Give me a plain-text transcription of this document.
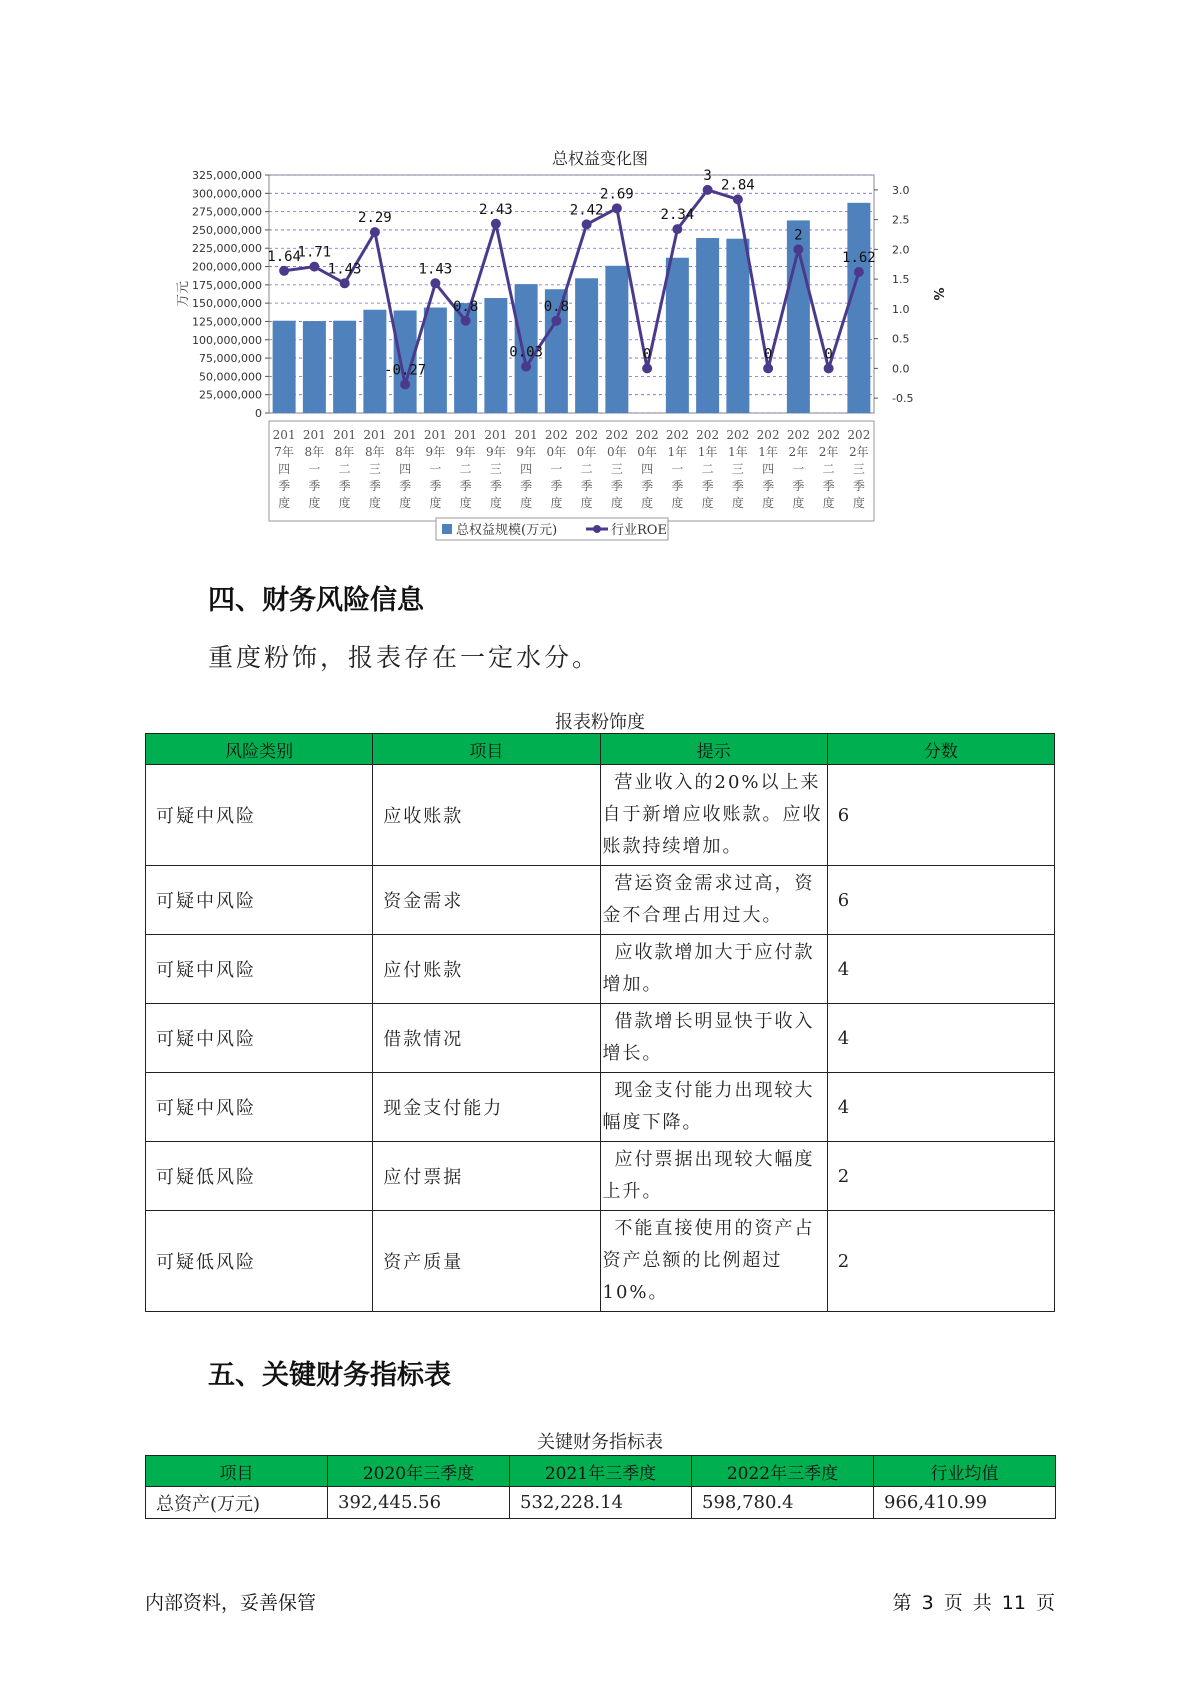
总权益变化图
325,000,000
300,000,000
275,000,000
250,000,000
225,000,000
200,000,000
175,000,000
150,000,000
125,000,000
100,000,000
75,000,000
50,000,000
25,000,000
0
3.0
2.5
2.0
1.5
1.0
0.5
0.0
-0.5
万元	%
1.64
1.71
1.43
2.29
-0.27
1.43
0.8
2.43
0.03
0.8
2.42
2.69
0
2.34
3
2.84
0
2
0
1.62
201
7年
四
季
度
201
8年
一
季
度
201
8年
二
季
度
201
8年
三
季
度
201
8年
四
季
度
201
9年
一
季
度
201
9年
二
季
度
201
9年
三
季
度
201
9年
四
季
度
202
0年
一
季
度
202
0年
二
季
度
202
0年
三
季
度
202
0年
四
季
度
202
1年
一
季
度
202
1年
二
季
度
202
1年
三
季
度
202
1年
四
季
度
202
2年
一
季
度
202
2年
二
季
度
202
2年
三
季
度
总权益规模(万元)	行业ROE
四、财务风险信息
重度粉饰，报表存在一定水分。
报表粉饰度
风险类别	项目	提示	分数
可疑中风险	应收账款	营业收入的20%以上来自于新增应收账款。应收账款持续增加。	6
可疑中风险	资金需求	营运资金需求过高，资金不合理占用过大。	6
可疑中风险	应付账款	应收款增加大于应付款增加。	4
可疑中风险	借款情况	借款增长明显快于收入增长。	4
可疑中风险	现金支付能力	现金支付能力出现较大幅度下降。	4
可疑低风险	应付票据	应付票据出现较大幅度上升。	2
可疑低风险	资产质量	不能直接使用的资产占资产总额的比例超过10%。	2
五、关键财务指标表
关键财务指标表
项目	2020年三季度	2021年三季度	2022年三季度	行业均值
总资产(万元)	392,445.56	532,228.14	598,780.4	966,410.99
内部资料，妥善保管	第 3 页 共 11 页
